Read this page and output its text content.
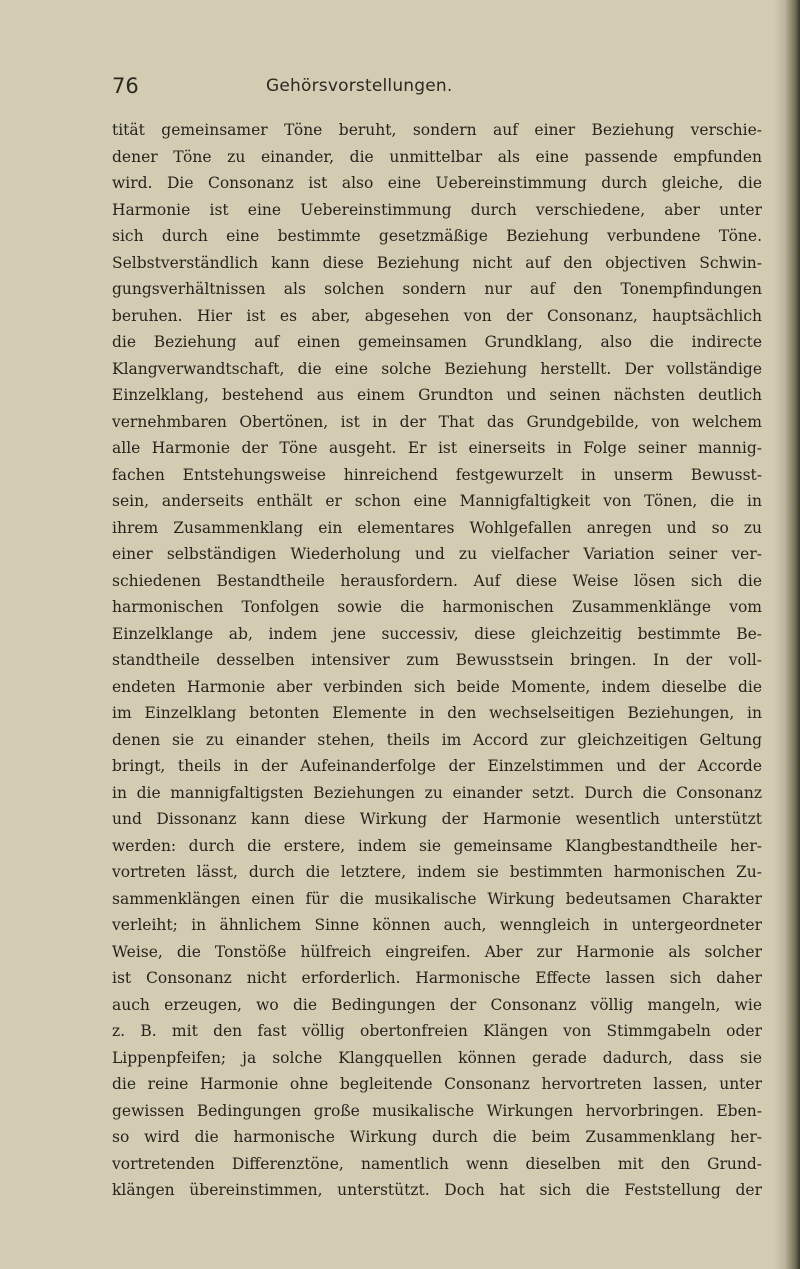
76	Gehörsvorstellungen.
tität gemeinsamer Töne beruht, sondern auf einer Beziehung verschie-
dener Töne zu einander, die unmittelbar als eine passende empfunden
wird. Die Consonanz ist also eine Uebereinstimmung durch gleiche, die
Harmonie ist eine Uebereinstimmung durch verschiedene, aber unter
sich durch eine bestimmte gesetzmäßige Beziehung verbundene Töne.
Selbstverständlich kann diese Beziehung nicht auf den objectiven Schwin-
gungsverhältnissen als solchen sondern nur auf den Tonempfindungen
beruhen. Hier ist es aber, abgesehen von der Consonanz, hauptsächlich
die Beziehung auf einen gemeinsamen Grundklang, also die indirecte
Klangverwandtschaft, die eine solche Beziehung herstellt. Der vollständige
Einzelklang, bestehend aus einem Grundton und seinen nächsten deutlich
vernehmbaren Obertönen, ist in der That das Grundgebilde, von welchem
alle Harmonie der Töne ausgeht. Er ist einerseits in Folge seiner mannig-
fachen Entstehungsweise hinreichend festgewurzelt in unserm Bewusst-
sein, anderseits enthält er schon eine Mannigfaltigkeit von Tönen, die in
ihrem Zusammenklang ein elementares Wohlgefallen anregen und so zu
einer selbständigen Wiederholung und zu vielfacher Variation seiner ver-
schiedenen Bestandtheile herausfordern. Auf diese Weise lösen sich die
harmonischen Tonfolgen sowie die harmonischen Zusammenklänge vom
Einzelklange ab, indem jene successiv, diese gleichzeitig bestimmte Be-
standtheile desselben intensiver zum Bewusstsein bringen. In der voll-
endeten Harmonie aber verbinden sich beide Momente, indem dieselbe die
im Einzelklang betonten Elemente in den wechselseitigen Beziehungen, in
denen sie zu einander stehen, theils im Accord zur gleichzeitigen Geltung
bringt, theils in der Aufeinanderfolge der Einzelstimmen und der Accorde
in die mannigfaltigsten Beziehungen zu einander setzt. Durch die Consonanz
und Dissonanz kann diese Wirkung der Harmonie wesentlich unterstützt
werden: durch die erstere, indem sie gemeinsame Klangbestandtheile her-
vortreten lässt, durch die letztere, indem sie bestimmten harmonischen Zu-
sammenklängen einen für die musikalische Wirkung bedeutsamen Charakter
verleiht; in ähnlichem Sinne können auch, wenngleich in untergeordneter
Weise, die Tonstöße hülfreich eingreifen. Aber zur Harmonie als solcher
ist Consonanz nicht erforderlich. Harmonische Effecte lassen sich daher
auch erzeugen, wo die Bedingungen der Consonanz völlig mangeln, wie
z. B. mit den fast völlig obertonfreien Klängen von Stimmgabeln oder
Lippenpfeifen; ja solche Klangquellen können gerade dadurch, dass sie
die reine Harmonie ohne begleitende Consonanz hervortreten lassen, unter
gewissen Bedingungen große musikalische Wirkungen hervorbringen. Eben-
so wird die harmonische Wirkung durch die beim Zusammenklang her-
vortretenden Differenztöne, namentlich wenn dieselben mit den Grund-
klängen übereinstimmen, unterstützt. Doch hat sich die Feststellung der
